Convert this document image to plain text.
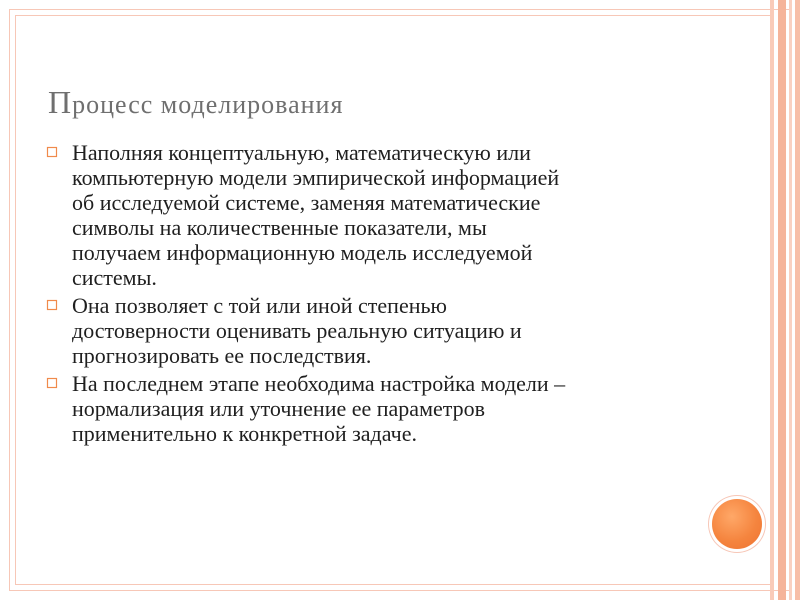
Процесс моделирования
Наполняя концептуальную, математическую или
компьютерную модели эмпирической информацией
об исследуемой системе, заменяя математические
символы на количественные показатели, мы
получаем информационную модель исследуемой
системы.
Она позволяет с той или иной степенью
достоверности оценивать реальную ситуацию и
прогнозировать ее последствия.
На последнем этапе необходима настройка модели –
нормализация или уточнение ее параметров
применительно к конкретной задаче.
